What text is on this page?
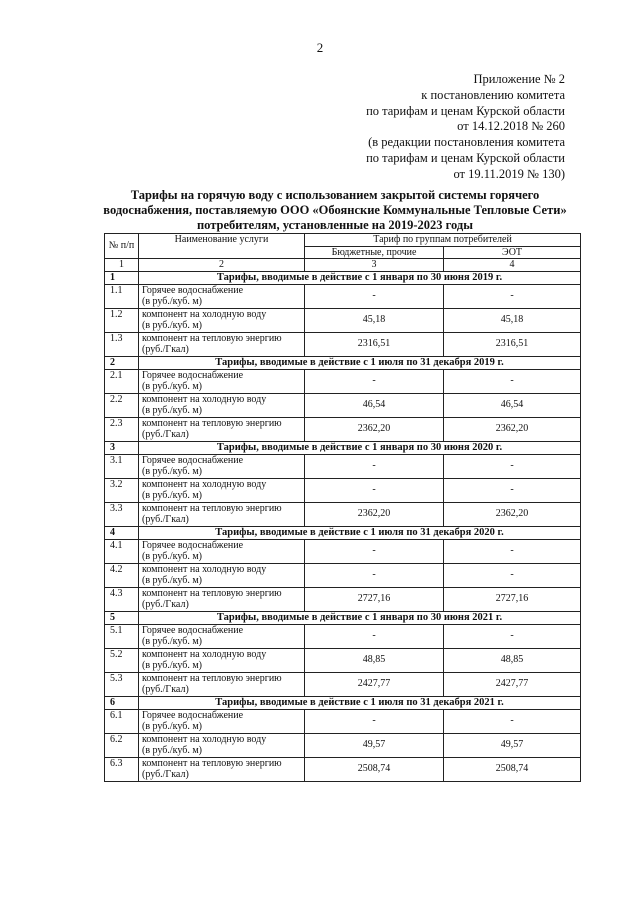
2
Приложение № 2
к постановлению комитета
по тарифам и ценам Курской области
от 14.12.2018 № 260
(в редакции постановления комитета
по тарифам и ценам Курской области
от 19.11.2019 № 130)
Тарифы на горячую воду с использованием закрытой системы горячего
водоснабжения, поставляемую ООО «Обоянские Коммунальные Тепловые Сети»
потребителям, установленные на 2019-2023 годы
№ п/п	Наименование услуги	Тариф по группам потребителей	
		Бюджетные, прочие	ЭОТ
1	2	3	4
1	Тарифы, вводимые в действие с 1 января по 30 июня 2019 г.		
1.1	Горячее водоснабжение
(в руб./куб. м)	-	-
1.2	компонент на холодную воду
(в руб./куб. м)	45,18	45,18
1.3	компонент на тепловую энергию
(руб./Гкал)	2316,51	2316,51
2	Тарифы, вводимые в действие с 1 июля по 31 декабря 2019 г.		
2.1	Горячее водоснабжение
(в руб./куб. м)	-	-
2.2	компонент на холодную воду
(в руб./куб. м)	46,54	46,54
2.3	компонент на тепловую энергию
(руб./Гкал)	2362,20	2362,20
3	Тарифы, вводимые в действие с 1 января по 30 июня 2020 г.		
3.1	Горячее водоснабжение
(в руб./куб. м)	-	-
3.2	компонент на холодную воду
(в руб./куб. м)	-	-
3.3	компонент на тепловую энергию
(руб./Гкал)	2362,20	2362,20
4	Тарифы, вводимые в действие с 1 июля по 31 декабря 2020 г.		
4.1	Горячее водоснабжение
(в руб./куб. м)	-	-
4.2	компонент на холодную воду
(в руб./куб. м)	-	-
4.3	компонент на тепловую энергию
(руб./Гкал)	2727,16	2727,16
5	Тарифы, вводимые в действие с 1 января по 30 июня 2021 г.		
5.1	Горячее водоснабжение
(в руб./куб. м)	-	-
5.2	компонент на холодную воду
(в руб./куб. м)	48,85	48,85
5.3	компонент на тепловую энергию
(руб./Гкал)	2427,77	2427,77
6	Тарифы, вводимые в действие с 1 июля по 31 декабря 2021 г.		
6.1	Горячее водоснабжение
(в руб./куб. м)	-	-
6.2	компонент на холодную воду
(в руб./куб. м)	49,57	49,57
6.3	компонент на тепловую энергию
(руб./Гкал)	2508,74	2508,74
